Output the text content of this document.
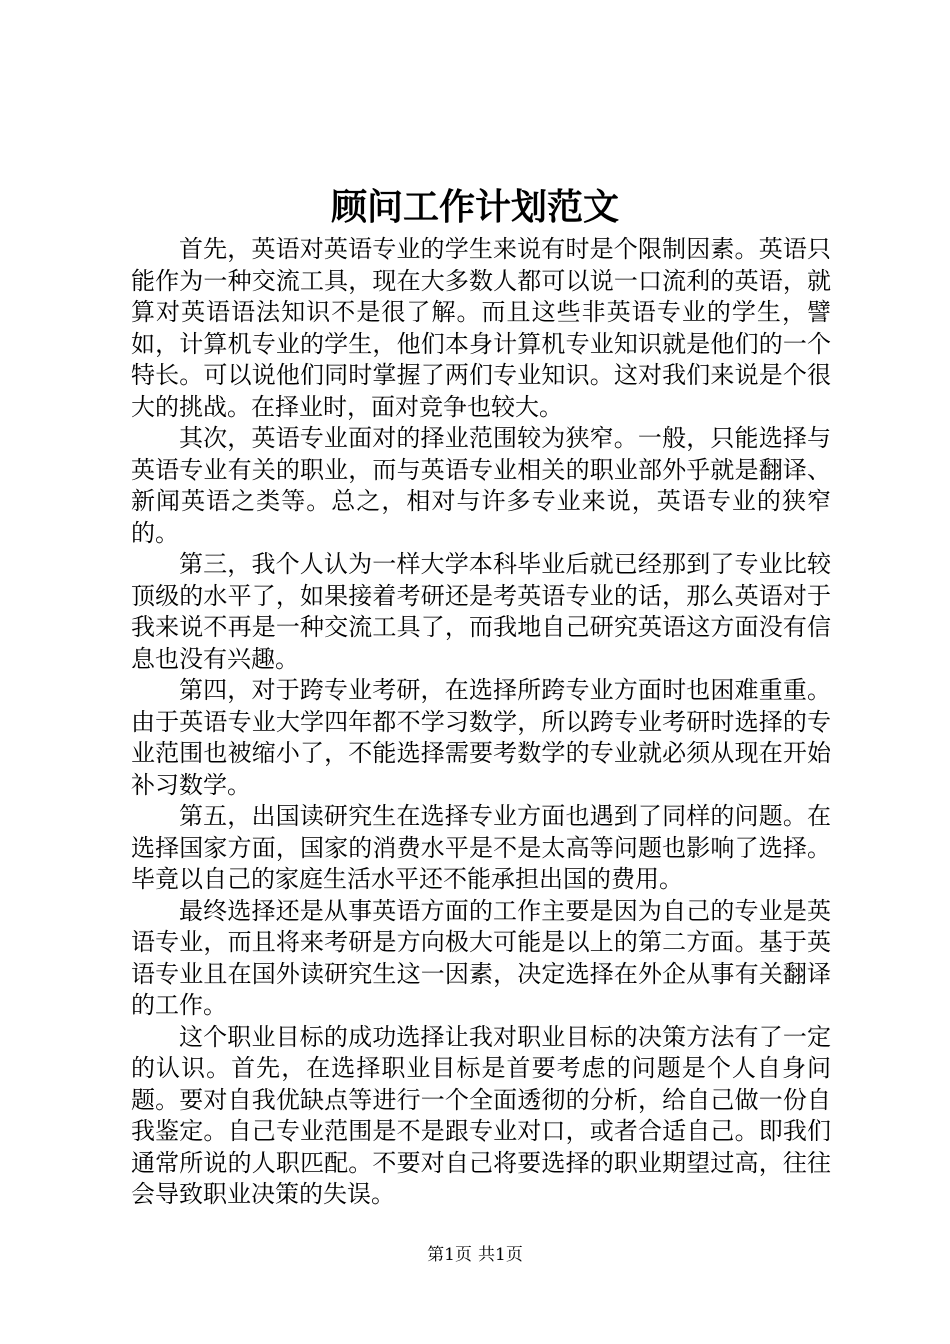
顾问工作计划范文

首先，英语对英语专业的学生来说有时是个限制因素。英语只能作为一种交流工具，现在大多数人都可以说一口流利的英语，就算对英语语法知识不是很了解。而且这些非英语专业的学生，譬如，计算机专业的学生，他们本身计算机专业知识就是他们的一个特长。可以说他们同时掌握了两们专业知识。这对我们来说是个很大的挑战。在择业时，面对竞争也较大。

其次，英语专业面对的择业范围较为狭窄。一般，只能选择与英语专业有关的职业，而与英语专业相关的职业部外乎就是翻译、新闻英语之类等。总之，相对与许多专业来说，英语专业的狭窄的。

第三，我个人认为一样大学本科毕业后就已经那到了专业比较顶级的水平了，如果接着考研还是考英语专业的话，那么英语对于我来说不再是一种交流工具了，而我地自己研究英语这方面没有信息也没有兴趣。

第四，对于跨专业考研，在选择所跨专业方面时也困难重重。由于英语专业大学四年都不学习数学，所以跨专业考研时选择的专业范围也被缩小了，不能选择需要考数学的专业就必须从现在开始补习数学。

第五，出国读研究生在选择专业方面也遇到了同样的问题。在选择国家方面，国家的消费水平是不是太高等问题也影响了选择。毕竟以自己的家庭生活水平还不能承担出国的费用。

最终选择还是从事英语方面的工作主要是因为自己的专业是英语专业，而且将来考研是方向极大可能是以上的第二方面。基于英语专业且在国外读研究生这一因素，决定选择在外企从事有关翻译的工作。

这个职业目标的成功选择让我对职业目标的决策方法有了一定的认识。首先，在选择职业目标是首要考虑的问题是个人自身问题。要对自我优缺点等进行一个全面透彻的分析，给自己做一份自我鉴定。自己专业范围是不是跟专业对口，或者合适自己。即我们通常所说的人职匹配。不要对自己将要选择的职业期望过高，往往会导致职业决策的失误。

第1页 共1页
